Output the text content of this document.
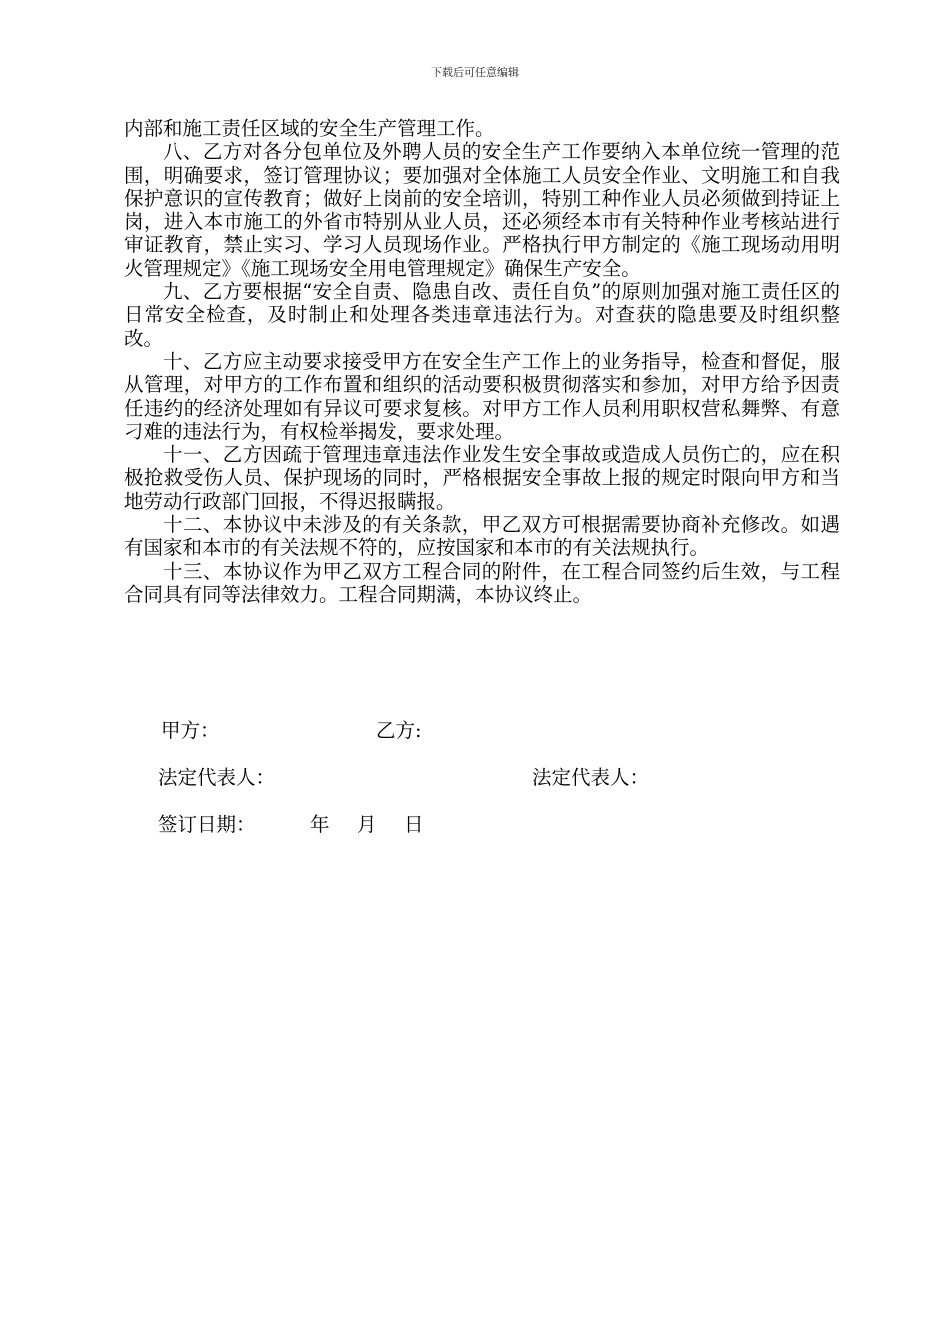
下载后可任意编辑

内部和施工责任区域的安全生产管理工作。

八、乙方对各分包单位及外聘人员的安全生产工作要纳入本单位统一管理的范围，明确要求，签订管理协议；要加强对全体施工人员安全作业、文明施工和自我保护意识的宣传教育；做好上岗前的安全培训，特别工种作业人员必须做到持证上岗，进入本市施工的外省市特别从业人员，还必须经本市有关特种作业考核站进行审证教育，禁止实习、学习人员现场作业。严格执行甲方制定的《施工现场动用明火管理规定》《施工现场安全用电管理规定》确保生产安全。

九、乙方要根据“安全自责、隐患自改、责任自负”的原则加强对施工责任区的日常安全检查，及时制止和处理各类违章违法行为。对查获的隐患要及时组织整改。

十、乙方应主动要求接受甲方在安全生产工作上的业务指导，检查和督促，服从管理，对甲方的工作布置和组织的活动要积极贯彻落实和参加，对甲方给予因责任违约的经济处理如有异议可要求复核。对甲方工作人员利用职权营私舞弊、有意刁难的违法行为，有权检举揭发，要求处理。

十一、乙方因疏于管理违章违法作业发生安全事故或造成人员伤亡的，应在积极抢救受伤人员、保护现场的同时，严格根据安全事故上报的规定时限向甲方和当地劳动行政部门回报，不得迟报瞒报。

十二、本协议中未涉及的有关条款，甲乙双方可根据需要协商补充修改。如遇有国家和本市的有关法规不符的，应按国家和本市的有关法规执行。

十三、本协议作为甲乙双方工程合同的附件，在工程合同签约后生效，与工程合同具有同等法律效力。工程合同期满，本协议终止。

甲方：	乙方:
法定代表人：	法定代表人：
签订日期：	年 月 日
